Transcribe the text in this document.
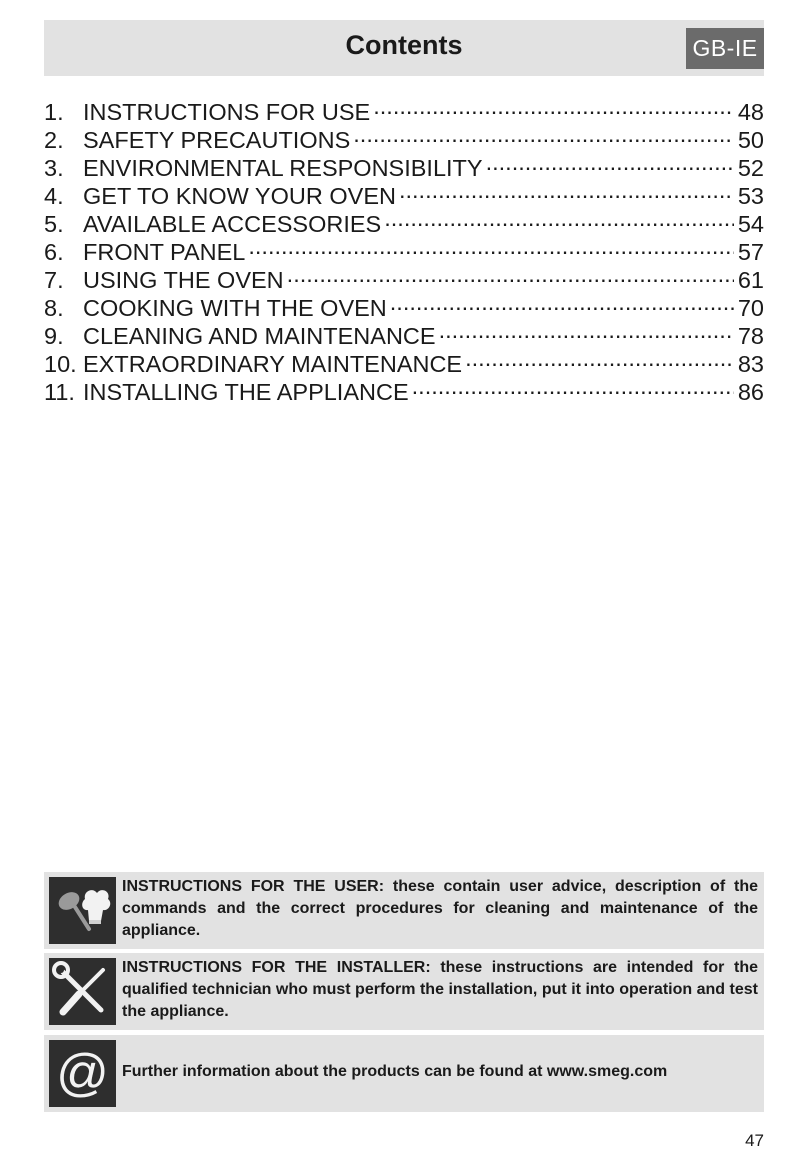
Contents	GB-IE
1. INSTRUCTIONS FOR USE .....	48
2. SAFETY PRECAUTIONS .....	50
3. ENVIRONMENTAL RESPONSIBILITY .....	52
4. GET TO KNOW YOUR OVEN .....	53
5. AVAILABLE ACCESSORIES .....	54
6. FRONT PANEL .....	57
7. USING THE OVEN .....	61
8. COOKING WITH THE OVEN .....	70
9. CLEANING AND MAINTENANCE .....	78
10. EXTRAORDINARY MAINTENANCE .....	83
11. INSTALLING THE APPLIANCE .....	86
INSTRUCTIONS FOR THE USER: these contain user advice, description of the commands and the correct procedures for cleaning and maintenance of the appliance.
INSTRUCTIONS FOR THE INSTALLER: these instructions are intended for the qualified technician who must perform the installation, put it into operation and test the appliance.
@ Further information about the products can be found at www.smeg.com
47
